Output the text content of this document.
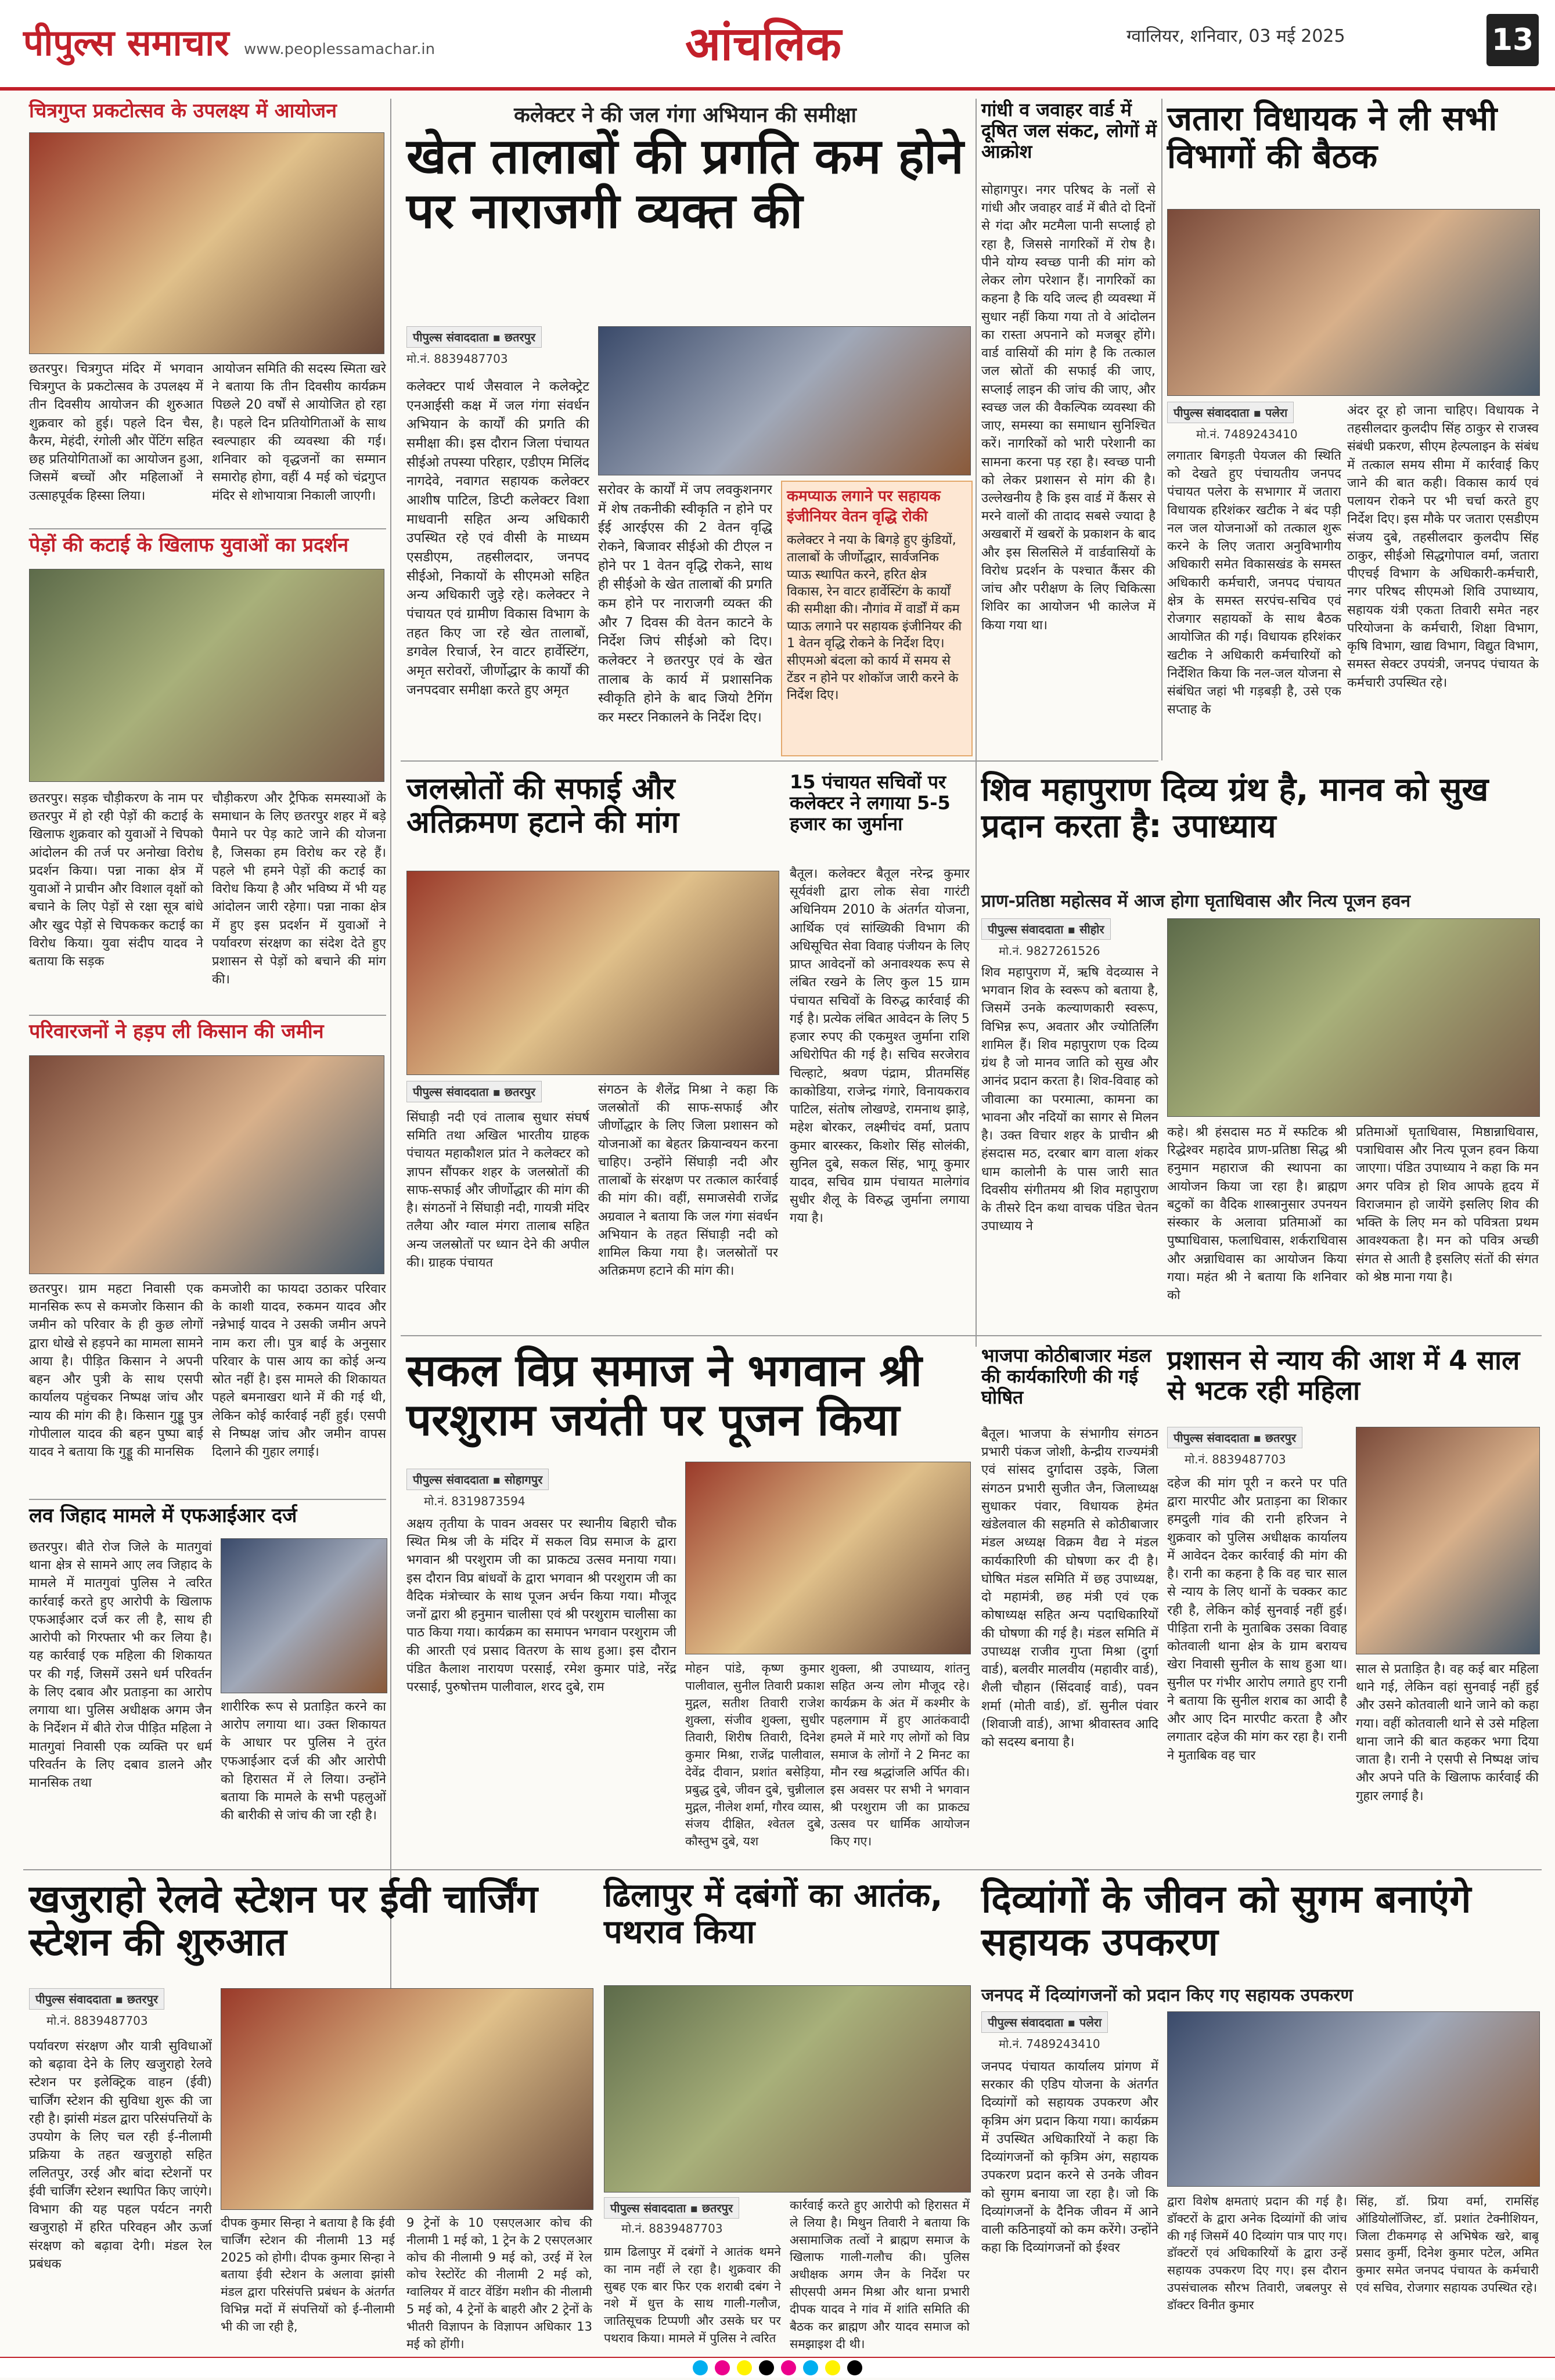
पीपुल्स समाचार www.peoplessamachar.in	आंचलिक	ग्वालियर, शनिवार, 03 मई 2025	13
चित्रगुप्त प्रकटोत्सव के उपलक्ष्य में आयोजन
छतरपुर। चित्रगुप्त मंदिर में भगवान चित्रगुप्त के प्रकटोत्सव के उपलक्ष्य में तीन दिवसीय आयोजन की शुरुआत शुक्रवार को हुई। पहले दिन चैस, कैरम, मेहंदी, रंगोली और पेंटिंग सहित छह प्रतियोगिताओं का आयोजन हुआ, जिसमें बच्चों और महिलाओं ने उत्साहपूर्वक हिस्सा लिया।
आयोजन समिति की सदस्य स्मिता खरे ने बताया कि तीन दिवसीय कार्यक्रम पिछले 20 वर्षों से आयोजित हो रहा है। पहले दिन प्रतियोगिताओं के साथ स्वल्पाहार की व्यवस्था की गई। शनिवार को वृद्धजनों का सम्मान समारोह होगा, वहीं 4 मई को चंद्रगुप्त मंदिर से शोभायात्रा निकाली जाएगी।
पेड़ों की कटाई के खिलाफ युवाओं का प्रदर्शन
छतरपुर। सड़क चौड़ीकरण के नाम पर छतरपुर में हो रही पेड़ों की कटाई के खिलाफ शुक्रवार को युवाओं ने चिपको आंदोलन की तर्ज पर अनोखा विरोध प्रदर्शन किया। पन्ना नाका क्षेत्र में युवाओं ने प्राचीन और विशाल वृक्षों को बचाने के लिए पेड़ों से रक्षा सूत्र बांधे और खुद पेड़ों से चिपककर कटाई का विरोध किया। युवा संदीप यादव ने बताया कि सड़क
चौड़ीकरण और ट्रैफिक समस्याओं के समाधान के लिए छतरपुर शहर में बड़े पैमाने पर पेड़ काटे जाने की योजना है, जिसका हम विरोध कर रहे हैं। पहले भी हमने पेड़ों की कटाई का विरोध किया है और भविष्य में भी यह आंदोलन जारी रहेगा। पन्ना नाका क्षेत्र में हुए इस प्रदर्शन में युवाओं ने पर्यावरण संरक्षण का संदेश देते हुए प्रशासन से पेड़ों को बचाने की मांग की।
परिवारजनों ने हड़प ली किसान की जमीन
छतरपुर। ग्राम महटा निवासी एक मानसिक रूप से कमजोर किसान की जमीन को परिवार के ही कुछ लोगों द्वारा धोखे से हड़पने का मामला सामने आया है। पीड़ित किसान ने अपनी बहन और पुत्री के साथ एसपी कार्यालय पहुंचकर निष्पक्ष जांच और न्याय की मांग की है। किसान गुड्डू पुत्र गोपीलाल यादव की बहन पुष्पा बाई यादव ने बताया कि गुड्डू की मानसिक
कमजोरी का फायदा उठाकर परिवार के काशी यादव, रुकमन यादव और नन्नेभाई यादव ने उसकी जमीन अपने नाम करा ली। पुत्र बाई के अनुसार परिवार के पास आय का कोई अन्य स्रोत नहीं है। इस मामले की शिकायत पहले बमनाखरा थाने में की गई थी, लेकिन कोई कार्रवाई नहीं हुई। एसपी से निष्पक्ष जांच और जमीन वापस दिलाने की गुहार लगाई।
लव जिहाद मामले में एफआईआर दर्ज
छतरपुर। बीते रोज जिले के मातगुवां थाना क्षेत्र से सामने आए लव जिहाद के मामले में मातगुवां पुलिस ने त्वरित कार्रवाई करते हुए आरोपी के खिलाफ एफआईआर दर्ज कर ली है, साथ ही आरोपी को गिरफ्तार भी कर लिया है। यह कार्रवाई एक महिला की शिकायत पर की गई, जिसमें उसने धर्म परिवर्तन के लिए दबाव और प्रताड़ना का आरोप लगाया था। पुलिस अधीक्षक अगम जैन के निर्देशन में बीते रोज पीड़ित महिला ने मातगुवां निवासी एक व्यक्ति पर धर्म परिवर्तन के लिए दबाव डालने और मानसिक तथा
शारीरिक रूप से प्रताड़ित करने का आरोप लगाया था। उक्त शिकायत के आधार पर पुलिस ने तुरंत एफआईआर दर्ज की और आरोपी को हिरासत में ले लिया। उन्होंने बताया कि मामले के सभी पहलुओं की बारीकी से जांच की जा रही है।
कलेक्टर ने की जल गंगा अभियान की समीक्षा
खेत तालाबों की प्रगति कम होने पर नाराजगी व्यक्त की
पीपुल्स संवाददाता ▪ छतरपुर
मो.नं. 8839487703
कलेक्टर पार्थ जैसवाल ने कलेक्ट्रेट एनआईसी कक्ष में जल गंगा संवर्धन अभियान के कार्यों की प्रगति की समीक्षा की। इस दौरान जिला पंचायत सीईओ तपस्या परिहार, एडीएम मिलिंद नागदेवे, नवागत सहायक कलेक्टर आशीष पाटिल, डिप्टी कलेक्टर विशा माधवानी सहित अन्य अधिकारी उपस्थित रहे एवं वीसी के माध्यम एसडीएम, तहसीलदार, जनपद सीईओ, निकायों के सीएमओ सहित अन्य अधिकारी जुड़े रहे। कलेक्टर ने पंचायत एवं ग्रामीण विकास विभाग के तहत किए जा रहे खेत तालाबों, डगवेल रिचार्ज, रेन वाटर हार्वेस्टिंग, अमृत सरोवरों, जीर्णोद्धार के कार्यों की जनपदवार समीक्षा करते हुए अमृत
सरोवर के कार्यों में जप लवकुशनगर में शेष तकनीकी स्वीकृति न होने पर ईई आरईएस की 2 वेतन वृद्धि रोकने, बिजावर सीईओ की टीएल न होने पर 1 वेतन वृद्धि रोकने, साथ ही सीईओ के खेत तालाबों की प्रगति कम होने पर नाराजगी व्यक्त की और 7 दिवस की वेतन काटने के निर्देश जिपं सीईओ को दिए। कलेक्टर ने छतरपुर एवं के खेत तालाब के कार्य में प्रशासनिक स्वीकृति होने के बाद जियो टैगिंग कर मस्टर निकालने के निर्देश दिए।
कमप्याऊ लगाने पर सहायक इंजीनियर वेतन वृद्धि रोकी
कलेक्टर ने नया के बिगड़े हुए कुंडियों, तालाबों के जीर्णोद्धार, सार्वजनिक प्याऊ स्थापित करने, हरित क्षेत्र विकास, रेन वाटर हार्वेस्टिंग के कार्यों की समीक्षा की। नौगांव में वार्डों में कम प्याऊ लगाने पर सहायक इंजीनियर की 1 वेतन वृद्धि रोकने के निर्देश दिए। सीएमओ बंदला को कार्य में समय से टेंडर न होने पर शोकॉज जारी करने के निर्देश दिए।
गांधी व जवाहर वार्ड में दूषित जल संकट, लोगों में आक्रोश
सोहागपुर। नगर परिषद के नलों से गांधी और जवाहर वार्ड में बीते दो दिनों से गंदा और मटमैला पानी सप्लाई हो रहा है, जिससे नागरिकों में रोष है। पीने योग्य स्वच्छ पानी की मांग को लेकर लोग परेशान हैं। नागरिकों का कहना है कि यदि जल्द ही व्यवस्था में सुधार नहीं किया गया तो वे आंदोलन का रास्ता अपनाने को मजबूर होंगे। वार्ड वासियों की मांग है कि तत्काल जल स्रोतों की सफाई की जाए, सप्लाई लाइन की जांच की जाए, और स्वच्छ जल की वैकल्पिक व्यवस्था की जाए, समस्या का समाधान सुनिश्चित करें। नागरिकों को भारी परेशानी का सामना करना पड़ रहा है। स्वच्छ पानी को लेकर प्रशासन से मांग की है। उल्लेखनीय है कि इस वार्ड में कैंसर से मरने वालों की तादाद सबसे ज्यादा है अखबारों में खबरों के प्रकाशन के बाद और इस सिलसिले में वार्डवासियों के विरोध प्रदर्शन के पश्चात कैंसर की जांच और परीक्षण के लिए चिकित्सा शिविर का आयोजन भी कालेज में किया गया था।
जतारा विधायक ने ली सभी विभागों की बैठक
पीपुल्स संवाददाता ▪ पलेरा
मो.नं. 7489243410
अंदर दूर हो जाना चाहिए। विधायक ने तहसीलदार कुलदीप सिंह ठाकुर से राजस्व संबंधी प्रकरण, सीएम हेल्पलाइन के संबंध में तत्काल समय सीमा में कार्रवाई किए जाने की बात कही। विकास कार्य एवं पलायन रोकने पर भी चर्चा करते हुए निर्देश दिए। इस मौके पर जतारा एसडीएम संजय दुबे, तहसीलदार कुलदीप सिंह ठाकुर, सीईओ सिद्धगोपाल वर्मा, जतारा पीएचई विभाग के अधिकारी-कर्मचारी, नगर परिषद सीएमओ शिवि उपाध्याय, सहायक यंत्री एकता तिवारी समेत नहर परियोजना के कर्मचारी, शिक्षा विभाग, कृषि विभाग, खाद्य विभाग, विद्युत विभाग, समस्त सेक्टर उपयंत्री, जनपद पंचायत के कर्मचारी उपस्थित रहे।
लगातार बिगड़ती पेयजल की स्थिति को देखते हुए पंचायतीय जनपद पंचायत पलेरा के सभागार में जतारा विधायक हरिशंकर खटीक ने बंद पड़ी नल जल योजनाओं को तत्काल शुरू करने के लिए जतारा अनुविभागीय अधिकारी समेत विकासखंड के समस्त अधिकारी कर्मचारी, जनपद पंचायत क्षेत्र के समस्त सरपंच-सचिव एवं रोजगार सहायकों के साथ बैठक आयोजित की गई। विधायक हरिशंकर खटीक ने अधिकारी कर्मचारियों को निर्देशित किया कि नल-जल योजना से संबंधित जहां भी गड़बड़ी है, उसे एक सप्ताह के
जलस्रोतों की सफाई और अतिक्रमण हटाने की मांग
पीपुल्स संवाददाता ▪ छतरपुर
सिंघाड़ी नदी एवं तालाब सुधार संघर्ष समिति तथा अखिल भारतीय ग्राहक पंचायत महाकौशल प्रांत ने कलेक्टर को ज्ञापन सौंपकर शहर के जलस्रोतों की साफ-सफाई और जीर्णोद्धार की मांग की है। संगठनों ने सिंघाड़ी नदी, गायत्री मंदिर तलैया और ग्वाल मंगरा तालाब सहित अन्य जलस्रोतों पर ध्यान देने की अपील की। ग्राहक पंचायत
संगठन के शैलेंद्र मिश्रा ने कहा कि जलस्रोतों की साफ-सफाई और जीर्णोद्धार के लिए जिला प्रशासन को योजनाओं का बेहतर क्रियान्वयन करना चाहिए। उन्होंने सिंघाड़ी नदी और तालाबों के संरक्षण पर तत्काल कार्रवाई की मांग की। वहीं, समाजसेवी राजेंद्र अग्रवाल ने बताया कि जल गंगा संवर्धन अभियान के तहत सिंघाड़ी नदी को शामिल किया गया है। जलस्रोतों पर अतिक्रमण हटाने की मांग की।
15 पंचायत सचिवों पर कलेक्टर ने लगाया 5-5 हजार का जुर्माना
बैतूल। कलेक्टर बैतूल नरेन्द्र कुमार सूर्यवंशी द्वारा लोक सेवा गारंटी अधिनियम 2010 के अंतर्गत योजना, आर्थिक एवं सांख्यिकी विभाग की अधिसूचित सेवा विवाह पंजीयन के लिए प्राप्त आवेदनों को अनावश्यक रूप से लंबित रखने के लिए कुल 15 ग्राम पंचायत सचिवों के विरुद्ध कार्रवाई की गई है। प्रत्येक लंबित आवेदन के लिए 5 हजार रुपए की एकमुश्त जुर्माना राशि अधिरोपित की गई है। सचिव सरजेराव चिल्हाटे, श्रवण पंद्राम, प्रीतमसिंह काकोडिया, राजेन्द्र गंगारे, विनायकराव पाटिल, संतोष लोखण्डे, रामनाथ झाड़े, महेश बोरकर, लक्ष्मीचंद वर्मा, प्रताप कुमार बारस्कर, किशोर सिंह सोलंकी, सुनिल दुबे, सकल सिंह, भागू कुमार यादव, सचिव ग्राम पंचायत मालेगांव सुधीर शैलू के विरुद्ध जुर्माना लगाया गया है।
शिव महापुराण दिव्य ग्रंथ है, मानव को सुख प्रदान करता है: उपाध्याय
प्राण-प्रतिष्ठा महोत्सव में आज होगा घृताधिवास और नित्य पूजन हवन
पीपुल्स संवाददाता ▪ सीहोर
मो.नं. 9827261526
शिव महापुराण में, ऋषि वेदव्यास ने भगवान शिव के स्वरूप को बताया है, जिसमें उनके कल्याणकारी स्वरूप, विभिन्न रूप, अवतार और ज्योतिर्लिंग शामिल हैं। शिव महापुराण एक दिव्य ग्रंथ है जो मानव जाति को सुख और आनंद प्रदान करता है। शिव-विवाह को जीवात्मा का परमात्मा, कामना का भावना और नदियों का सागर से मिलन है। उक्त विचार शहर के प्राचीन श्री हंसदास मठ, दरबार बाग वाला शंकर धाम कालोनी के पास जारी सात दिवसीय संगीतमय श्री शिव महापुराण के तीसरे दिन कथा वाचक पंडित चेतन उपाध्याय ने
कहे। श्री हंसदास मठ में स्फटिक श्री रिद्धेश्वर महादेव प्राण-प्रतिष्ठा सिद्ध श्री हनुमान महाराज की स्थापना का आयोजन किया जा रहा है। ब्राह्मण बटुकों का वैदिक शास्त्रानुसार उपनयन संस्कार के अलावा प्रतिमाओं का पुष्पाधिवास, फलाधिवास, शर्कराधिवास और अन्नाधिवास का आयोजन किया गया। महंत श्री ने बताया कि शनिवार को
प्रतिमाओं घृताधिवास, मिष्ठान्नाधिवास, पत्राधिवास और नित्य पूजन हवन किया जाएगा। पंडित उपाध्याय ने कहा कि मन अगर पवित्र हो शिव आपके हृदय में विराजमान हो जायेंगे इसलिए शिव की भक्ति के लिए मन को पवित्रता प्रथम आवश्यकता है। मन को पवित्र अच्छी संगत से आती है इसलिए संतों की संगत को श्रेष्ठ माना गया है।
सकल विप्र समाज ने भगवान श्री परशुराम जयंती पर पूजन किया
पीपुल्स संवाददाता ▪ सोहागपुर
मो.नं. 8319873594
अक्षय तृतीया के पावन अवसर पर स्थानीय बिहारी चौक स्थित मिश्र जी के मंदिर में सकल विप्र समाज के द्वारा भगवान श्री परशुराम जी का प्राकट्य उत्सव मनाया गया। इस दौरान विप्र बांधवों के द्वारा भगवान श्री परशुराम जी का वैदिक मंत्रोच्चार के साथ पूजन अर्चन किया गया। मौजूद जनों द्वारा श्री हनुमान चालीसा एवं श्री परशुराम चालीसा का पाठ किया गया। कार्यक्रम का समापन भगवान परशुराम जी की आरती एवं प्रसाद वितरण के साथ हुआ। इस दौरान पंडित कैलाश नारायण परसाई, रमेश कुमार पांडे, नरेंद्र परसाई, पुरुषोत्तम पालीवाल, शरद दुबे, राम
मोहन पांडे, कृष्ण कुमार पालीवाल, सुनील तिवारी प्रकाश मुद्गल, सतीश तिवारी राजेश शुक्ला, संजीव शुक्ला, सुधीर तिवारी, शिरीष तिवारी, दिनेश कुमार मिश्रा, राजेंद्र पालीवाल, देवेंद्र दीवान, प्रशांत बसेड़िया, प्रबुद्ध दुबे, जीवन दुबे, चुन्नीलाल मुद्गल, नीलेश शर्मा, गौरव व्यास, संजय दीक्षित, श्वेतल दुबे, कौस्तुभ दुबे, यश
शुक्ला, श्री उपाध्याय, शांतनु सहित अन्य लोग मौजूद रहे। कार्यक्रम के अंत में कश्मीर के पहलगाम में हुए आतंकवादी हमले में मारे गए लोगों को विप्र समाज के लोगों ने 2 मिनट का मौन रख श्रद्धांजलि अर्पित की। इस अवसर पर सभी ने भगवान श्री परशुराम जी का प्राकट्य उत्सव पर धार्मिक आयोजन किए गए।
भाजपा कोठीबाजार मंडल की कार्यकारिणी की गई घोषित
बैतूल। भाजपा के संभागीय संगठन प्रभारी पंकज जोशी, केन्द्रीय राज्यमंत्री एवं सांसद दुर्गादास उइके, जिला संगठन प्रभारी सुजीत जैन, जिलाध्यक्ष सुधाकर पंवार, विधायक हेमंत खंडेलवाल की सहमति से कोठीबाजार मंडल अध्यक्ष विक्रम वैद्य ने मंडल कार्यकारिणी की घोषणा कर दी है। घोषित मंडल समिति में छह उपाध्यक्ष, दो महामंत्री, छह मंत्री एवं एक कोषाध्यक्ष सहित अन्य पदाधिकारियों की घोषणा की गई है। मंडल समिति में उपाध्यक्ष राजीव गुप्ता मिश्रा (दुर्गा वार्ड), बलवीर मालवीय (महावीर वार्ड), शैली चौहान (सिंदवाई वार्ड), पवन शर्मा (मोती वार्ड), डॉ. सुनील पंवार (शिवाजी वार्ड), आभा श्रीवास्तव आदि को सदस्य बनाया है।
प्रशासन से न्याय की आश में 4 साल से भटक रही महिला
पीपुल्स संवाददाता ▪ छतरपुर
मो.नं. 8839487703
दहेज की मांग पूरी न करने पर पति द्वारा मारपीट और प्रताड़ना का शिकार हमदुली गांव की रानी हरिजन ने शुक्रवार को पुलिस अधीक्षक कार्यालय में आवेदन देकर कार्रवाई की मांग की है। रानी का कहना है कि वह चार साल से न्याय के लिए थानों के चक्कर काट रही है, लेकिन कोई सुनवाई नहीं हुई। पीड़िता रानी के मुताबिक उसका विवाह कोतवाली थाना क्षेत्र के ग्राम बरायच खेरा निवासी सुनील के साथ हुआ था। सुनील पर गंभीर आरोप लगाते हुए रानी ने बताया कि सुनील शराब का आदी है और आए दिन मारपीट करता है और लगातार दहेज की मांग कर रहा है। रानी ने मुताबिक वह चार
साल से प्रताड़ित है। वह कई बार महिला थाने गई, लेकिन वहां सुनवाई नहीं हुई और उसने कोतवाली थाने जाने को कहा गया। वहीं कोतवाली थाने से उसे महिला थाना जाने की बात कहकर भगा दिया जाता है। रानी ने एसपी से निष्पक्ष जांच और अपने पति के खिलाफ कार्रवाई की गुहार लगाई है।
खजुराहो रेलवे स्टेशन पर ईवी चार्जिंग स्टेशन की शुरुआत
पीपुल्स संवाददाता ▪ छतरपुर
मो.नं. 8839487703
पर्यावरण संरक्षण और यात्री सुविधाओं को बढ़ावा देने के लिए खजुराहो रेलवे स्टेशन पर इलेक्ट्रिक वाहन (ईवी) चार्जिंग स्टेशन की सुविधा शुरू की जा रही है। झांसी मंडल द्वारा परिसंपत्तियों के उपयोग के लिए चल रही ई-नीलामी प्रक्रिया के तहत खजुराहो सहित ललितपुर, उरई और बांदा स्टेशनों पर ईवी चार्जिंग स्टेशन स्थापित किए जाएंगे। विभाग की यह पहल पर्यटन नगरी खजुराहो में हरित परिवहन और ऊर्जा संरक्षण को बढ़ावा देगी। मंडल रेल प्रबंधक
दीपक कुमार सिन्हा ने बताया है कि ईवी चार्जिंग स्टेशन की नीलामी 13 मई 2025 को होगी। दीपक कुमार सिन्हा ने बताया ईवी स्टेशन के अलावा झांसी मंडल द्वारा परिसंपत्ति प्रबंधन के अंतर्गत विभिन्न मदों में संपत्तियों को ई-नीलामी भी की जा रही है,
9 ट्रेनों के 10 एसएलआर कोच की नीलामी 1 मई को, 1 ट्रेन के 2 एसएलआर कोच की नीलामी 9 मई को, उरई में रेल कोच रेस्टोरेंट की नीलामी 2 मई को, ग्वालियर में वाटर वेंडिंग मशीन की नीलामी 5 मई को, 4 ट्रेनों के बाहरी और 2 ट्रेनों के भीतरी विज्ञापन के विज्ञापन अधिकार 13 मई को होंगी।
ढिलापुर में दबंगों का आतंक, पथराव किया
पीपुल्स संवाददाता ▪ छतरपुर
मो.नं. 8839487703
ग्राम ढिलापुर में दबंगों ने आतंक थमने का नाम नहीं ले रहा है। शुक्रवार की सुबह एक बार फिर एक शराबी दबंग ने नशे में धुत्त के साथ गाली-गलौज, जातिसूचक टिप्पणी और उसके घर पर पथराव किया। मामले में पुलिस ने त्वरित
कार्रवाई करते हुए आरोपी को हिरासत में ले लिया है। मिथुन तिवारी ने बताया कि असामाजिक तत्वों ने ब्राह्मण समाज के खिलाफ गाली-गलौच की। पुलिस अधीक्षक अगम जैन के निर्देश पर सीएसपी अमन मिश्रा और थाना प्रभारी दीपक यादव ने गांव में शांति समिति की बैठक कर ब्राह्मण और यादव समाज को समझाइश दी थी।
दिव्यांगों के जीवन को सुगम बनाएंगे सहायक उपकरण
जनपद में दिव्यांगजनों को प्रदान किए गए सहायक उपकरण
पीपुल्स संवाददाता ▪ पलेरा
मो.नं. 7489243410
जनपद पंचायत कार्यालय प्रांगण में सरकार की एडिप योजना के अंतर्गत दिव्यांगों को सहायक उपकरण और कृत्रिम अंग प्रदान किया गया। कार्यक्रम में उपस्थित अधिकारियों ने कहा कि दिव्यांगजनों को कृत्रिम अंग, सहायक उपकरण प्रदान करने से उनके जीवन को सुगम बनाया जा रहा है। जो कि दिव्यांगजनों के दैनिक जीवन में आने वाली कठिनाइयों को कम करेंगे। उन्होंने कहा कि दिव्यांगजनों को ईश्वर
द्वारा विशेष क्षमताएं प्रदान की गई है। डॉक्टरों के द्वारा अनेक दिव्यांगों की जांच की गई जिसमें 40 दिव्यांग पात्र पाए गए। डॉक्टरों एवं अधिकारियों के द्वारा उन्हें सहायक उपकरण दिए गए। इस दौरान उपसंचालक सौरभ तिवारी, जबलपुर से डॉक्टर विनीत कुमार
सिंह, डॉ. प्रिया वर्मा, रामसिंह ऑडियोलॉजिस्ट, डॉ. प्रशांत टेक्नीशियन, जिला टीकमगढ़ से अभिषेक खरे, बाबू प्रसाद कुर्मी, दिनेश कुमार पटेल, अमित कुमार समेत जनपद पंचायत के कर्मचारी एवं सचिव, रोजगार सहायक उपस्थित रहे।
